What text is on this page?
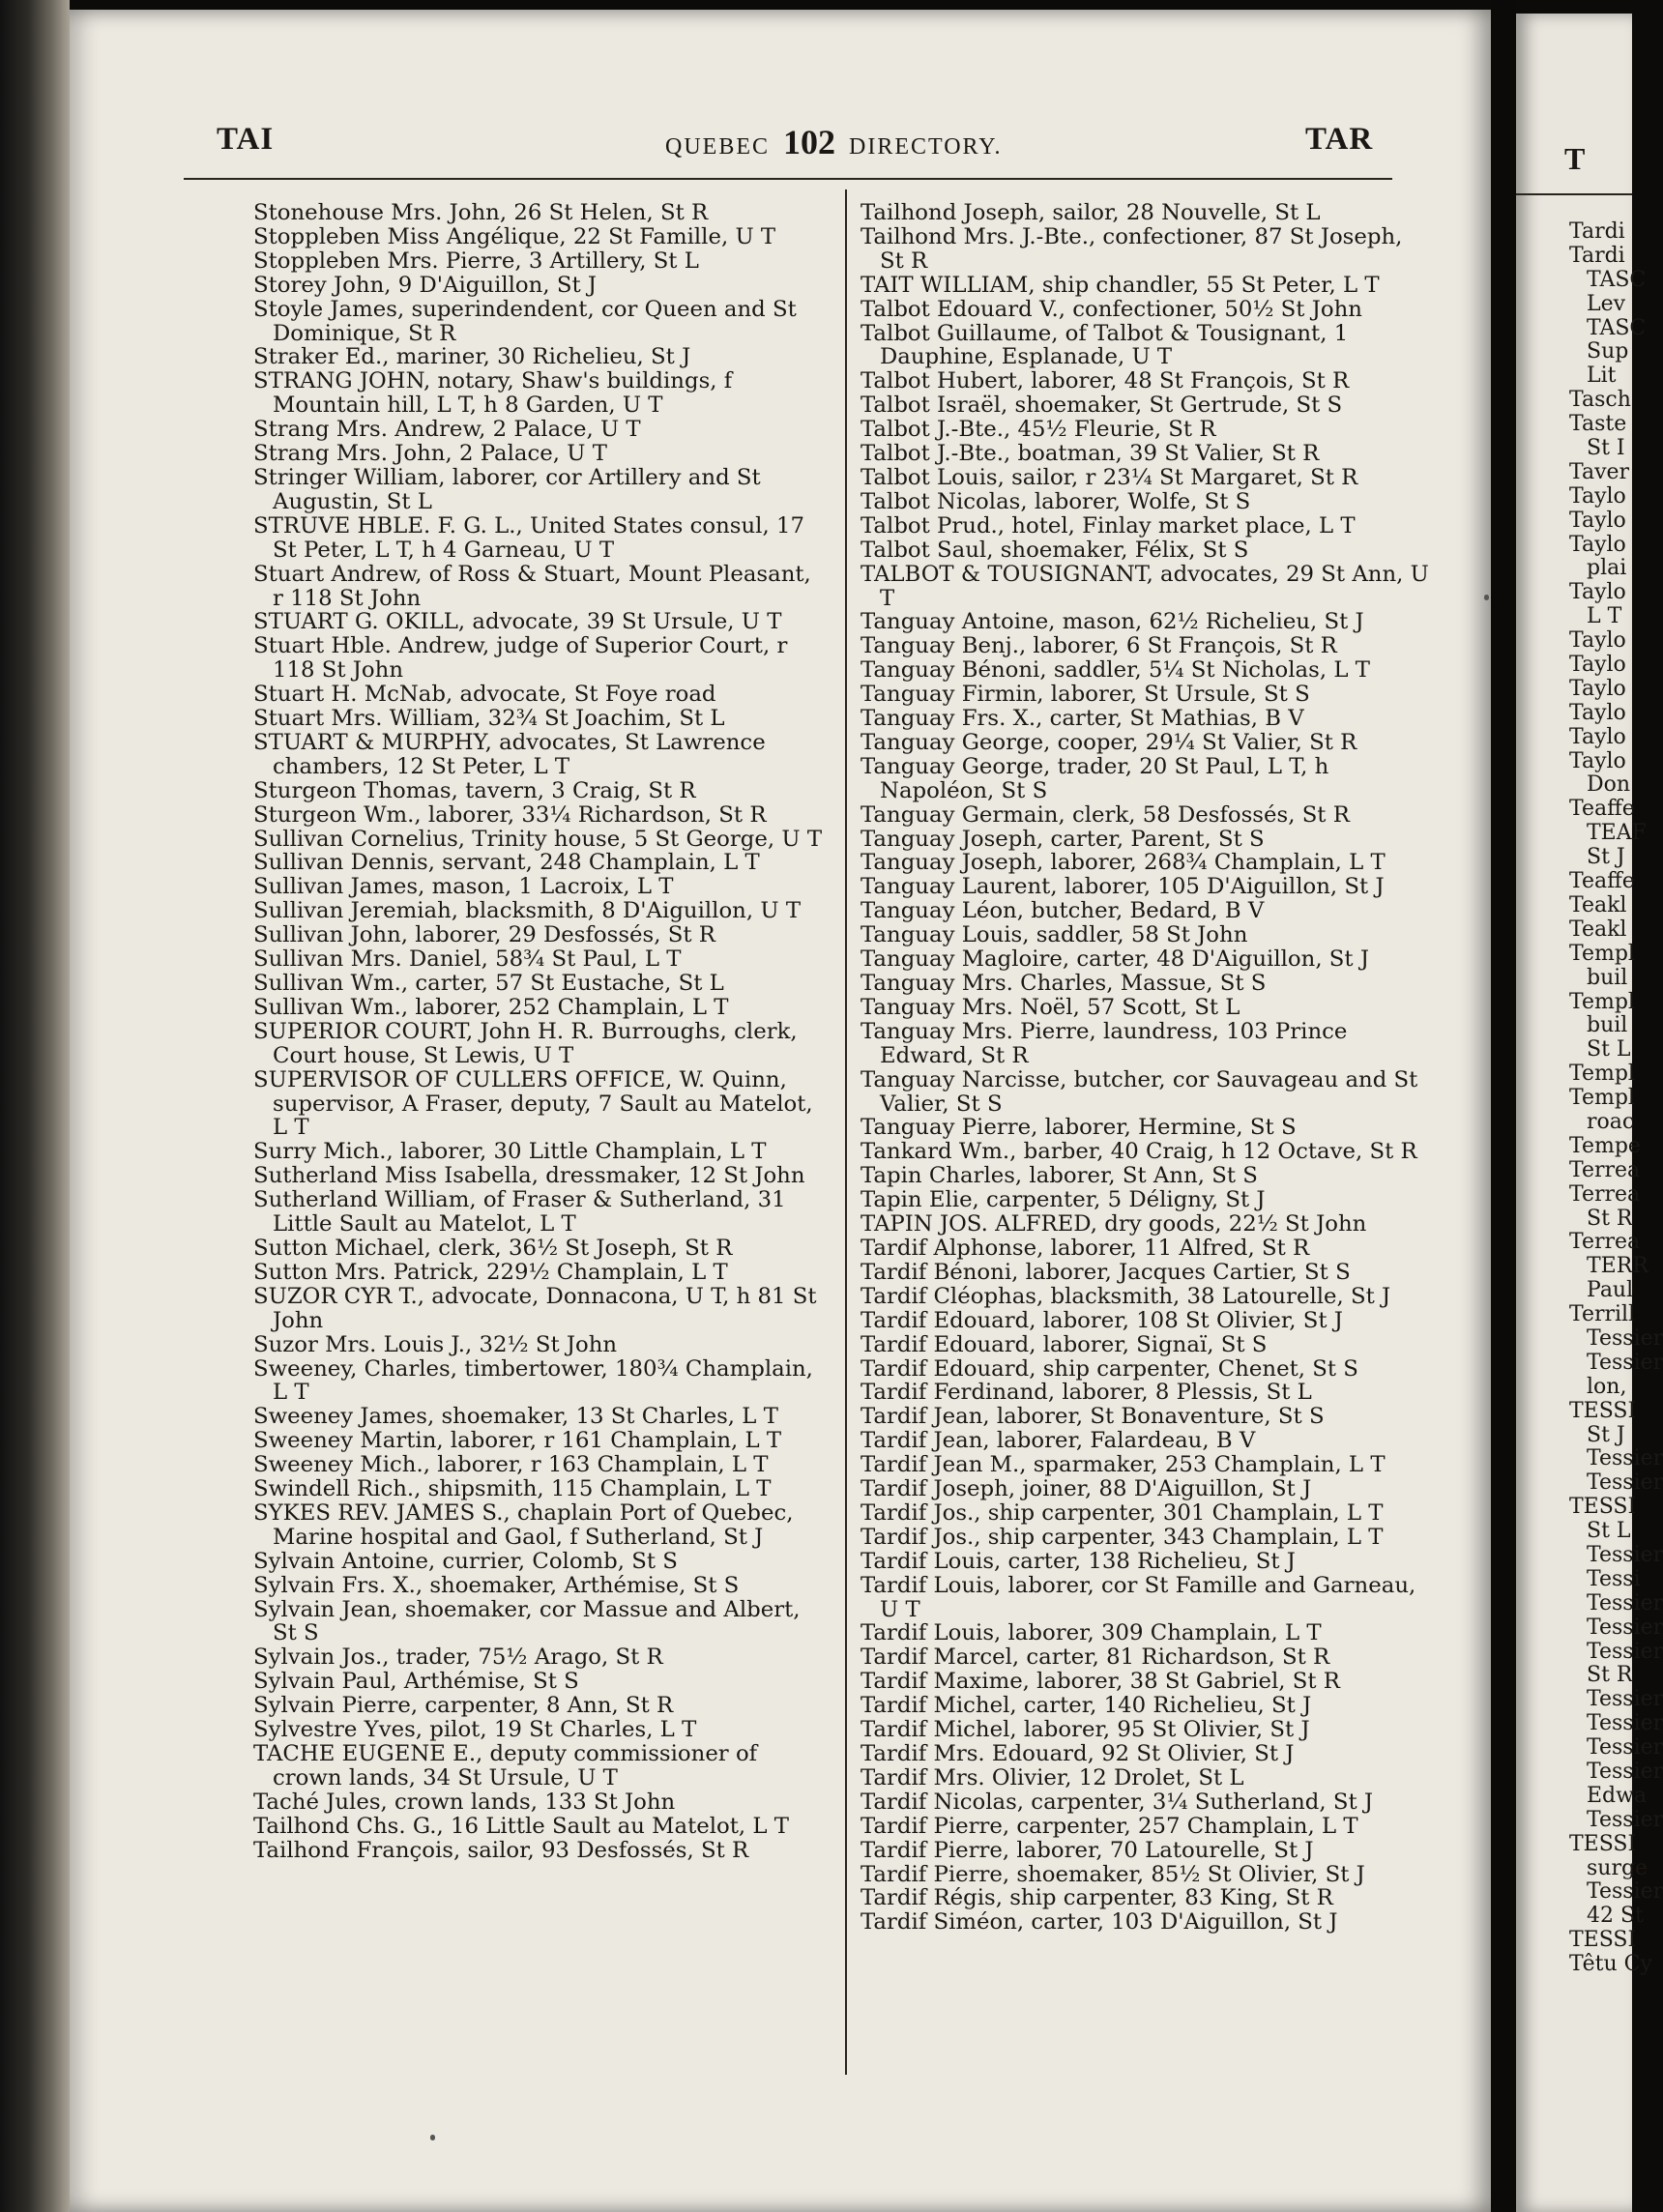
TAI	QUEBEC 102 DIRECTORY.	TAR

Stonehouse Mrs. John, 26 St Helen, St R

Stoppleben Miss Angélique, 22 St Famille, U T

Stoppleben Mrs. Pierre, 3 Artillery, St L

Storey John, 9 D'Aiguillon, St J

Stoyle James, superindendent, cor Queen and St Dominique, St R

Straker Ed., mariner, 30 Richelieu, St J

STRANG JOHN, notary, Shaw's buildings, f Mountain hill, L T, h 8 Garden, U T

Strang Mrs. Andrew, 2 Palace, U T

Strang Mrs. John, 2 Palace, U T

Stringer William, laborer, cor Artillery and St Augustin, St L

STRUVE HBLE. F. G. L., United States consul, 17 St Peter, L T, h 4 Garneau, U T

Stuart Andrew, of Ross & Stuart, Mount Pleasant, r 118 St John

STUART G. OKILL, advocate, 39 St Ursule, U T

Stuart Hble. Andrew, judge of Superior Court, r 118 St John

Stuart H. McNab, advocate, St Foye road

Stuart Mrs. William, 32¾ St Joachim, St L

STUART & MURPHY, advocates, St Lawrence chambers, 12 St Peter, L T

Sturgeon Thomas, tavern, 3 Craig, St R

Sturgeon Wm., laborer, 33¼ Richardson, St R

Sullivan Cornelius, Trinity house, 5 St George, U T

Sullivan Dennis, servant, 248 Champlain, L T

Sullivan James, mason, 1 Lacroix, L T

Sullivan Jeremiah, blacksmith, 8 D'Aiguillon, U T

Sullivan John, laborer, 29 Desfossés, St R

Sullivan Mrs. Daniel, 58¾ St Paul, L T

Sullivan Wm., carter, 57 St Eustache, St L

Sullivan Wm., laborer, 252 Champlain, L T

SUPERIOR COURT, John H. R. Burroughs, clerk, Court house, St Lewis, U T

SUPERVISOR OF CULLERS OFFICE, W. Quinn, supervisor, A Fraser, deputy, 7 Sault au Matelot, L T

Surry Mich., laborer, 30 Little Champlain, L T

Sutherland Miss Isabella, dressmaker, 12 St John

Sutherland William, of Fraser & Sutherland, 31 Little Sault au Matelot, L T

Sutton Michael, clerk, 36½ St Joseph, St R

Sutton Mrs. Patrick, 229½ Champlain, L T

SUZOR CYR T., advocate, Donnacona, U T, h 81 St John

Suzor Mrs. Louis J., 32½ St John

Sweeney, Charles, timbertower, 180¾ Champlain, L T

Sweeney James, shoemaker, 13 St Charles, L T

Sweeney Martin, laborer, r 161 Champlain, L T

Sweeney Mich., laborer, r 163 Champlain, L T

Swindell Rich., shipsmith, 115 Champlain, L T

SYKES REV. JAMES S., chaplain Port of Quebec, Marine hospital and Gaol, f Sutherland, St J

Sylvain Antoine, currier, Colomb, St S

Sylvain Frs. X., shoemaker, Arthémise, St S

Sylvain Jean, shoemaker, cor Massue and Albert, St S

Sylvain Jos., trader, 75½ Arago, St R

Sylvain Paul, Arthémise, St S

Sylvain Pierre, carpenter, 8 Ann, St R

Sylvestre Yves, pilot, 19 St Charles, L T

TACHE EUGENE E., deputy commissioner of crown lands, 34 St Ursule, U T

Taché Jules, crown lands, 133 St John

Tailhond Chs. G., 16 Little Sault au Matelot, L T

Tailhond François, sailor, 93 Desfossés, St R

Tailhond Joseph, sailor, 28 Nouvelle, St L

Tailhond Mrs. J.-Bte., confectioner, 87 St Joseph, St R

TAIT WILLIAM, ship chandler, 55 St Peter, L T

Talbot Edouard V., confectioner, 50½ St John

Talbot Guillaume, of Talbot & Tousignant, 1 Dauphine, Esplanade, U T

Talbot Hubert, laborer, 48 St François, St R

Talbot Israël, shoemaker, St Gertrude, St S

Talbot J.-Bte., 45½ Fleurie, St R

Talbot J.-Bte., boatman, 39 St Valier, St R

Talbot Louis, sailor, r 23¼ St Margaret, St R

Talbot Nicolas, laborer, Wolfe, St S

Talbot Prud., hotel, Finlay market place, L T

Talbot Saul, shoemaker, Félix, St S

TALBOT & TOUSIGNANT, advocates, 29 St Ann, U T

Tanguay Antoine, mason, 62½ Richelieu, St J

Tanguay Benj., laborer, 6 St François, St R

Tanguay Bénoni, saddler, 5¼ St Nicholas, L T

Tanguay Firmin, laborer, St Ursule, St S

Tanguay Frs. X., carter, St Mathias, B V

Tanguay George, cooper, 29¼ St Valier, St R

Tanguay George, trader, 20 St Paul, L T, h Napoléon, St S

Tanguay Germain, clerk, 58 Desfossés, St R

Tanguay Joseph, carter, Parent, St S

Tanguay Joseph, laborer, 268¾ Champlain, L T

Tanguay Laurent, laborer, 105 D'Aiguillon, St J

Tanguay Léon, butcher, Bedard, B V

Tanguay Louis, saddler, 58 St John

Tanguay Magloire, carter, 48 D'Aiguillon, St J

Tanguay Mrs. Charles, Massue, St S

Tanguay Mrs. Noël, 57 Scott, St L

Tanguay Mrs. Pierre, laundress, 103 Prince Edward, St R

Tanguay Narcisse, butcher, cor Sauvageau and St Valier, St S

Tanguay Pierre, laborer, Hermine, St S

Tankard Wm., barber, 40 Craig, h 12 Octave, St R

Tapin Charles, laborer, St Ann, St S

Tapin Elie, carpenter, 5 Déligny, St J

TAPIN JOS. ALFRED, dry goods, 22½ St John

Tardif Alphonse, laborer, 11 Alfred, St R

Tardif Bénoni, laborer, Jacques Cartier, St S

Tardif Cléophas, blacksmith, 38 Latourelle, St J

Tardif Edouard, laborer, 108 St Olivier, St J

Tardif Edouard, laborer, Signaï, St S

Tardif Edouard, ship carpenter, Chenet, St S

Tardif Ferdinand, laborer, 8 Plessis, St L

Tardif Jean, laborer, St Bonaventure, St S

Tardif Jean, laborer, Falardeau, B V

Tardif Jean M., sparmaker, 253 Champlain, L T

Tardif Joseph, joiner, 88 D'Aiguillon, St J

Tardif Jos., ship carpenter, 301 Champlain, L T

Tardif Jos., ship carpenter, 343 Champlain, L T

Tardif Louis, carter, 138 Richelieu, St J

Tardif Louis, laborer, cor St Famille and Garneau, U T

Tardif Louis, laborer, 309 Champlain, L T

Tardif Marcel, carter, 81 Richardson, St R

Tardif Maxime, laborer, 38 St Gabriel, St R

Tardif Michel, carter, 140 Richelieu, St J

Tardif Michel, laborer, 95 St Olivier, St J

Tardif Mrs. Edouard, 92 St Olivier, St J

Tardif Mrs. Olivier, 12 Drolet, St L

Tardif Nicolas, carpenter, 3¼ Sutherland, St J

Tardif Pierre, carpenter, 257 Champlain, L T

Tardif Pierre, laborer, 70 Latourelle, St J

Tardif Pierre, shoemaker, 85½ St Olivier, St J

Tardif Régis, ship carpenter, 83 King, St R

Tardif Siméon, carter, 103 D'Aiguillon, St J

T
Tardi
Tardi
TASC
Lev
TASC
Sup
Lit
Tasch
Taste
St I
Taver
Taylo
Taylo
Taylo
plai
Taylo
L T
Taylo
Taylo
Taylo
Taylo
Taylo
Taylo
Don
Teaffe
TEAF
St J
Teaffe
Teakl
Teakl
Templ
buil
Templ
buil
St L
Templ
Templ
roac
Tempe
Terrea
Terrea
St R
Terrea
TERR
Paul
Terrill
Tessier
Tessier
lon,
TESSI
St J
Tessier
Tessier
TESSI
St L
Tessier
Tessi
Tessier
Tessier
Tessier
St R
Tessier
Tessier
Tessier
Tessier
Edwa
Tessier
TESSI
surge
Tessier
42 St
TESSI
Têtu Cy
